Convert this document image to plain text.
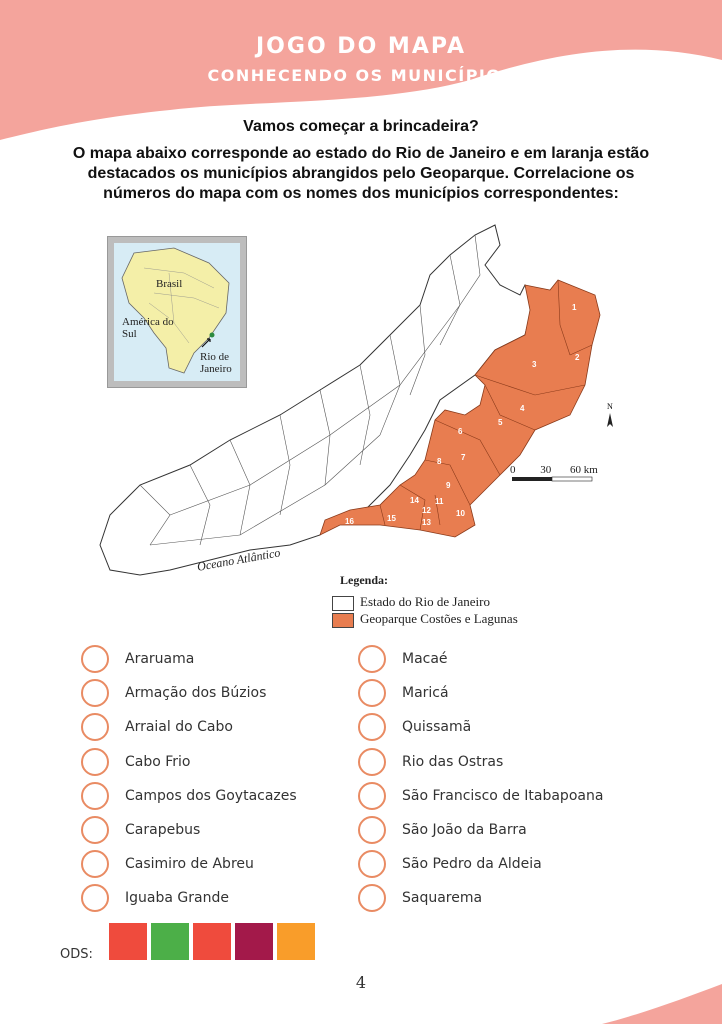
JOGO DO MAPA
CONHECENDO OS MUNICÍPIOS
Vamos começar a brincadeira?
O mapa abaixo corresponde ao estado do Rio de Janeiro e em laranja estão destacados os municípios abrangidos pelo Geoparque. Correlacione os números do mapa com os nomes dos municípios correspondentes:
1
2
3
4
5
6
7
8
9
10
11
12
13
14
15
16
N
0 30 60 km
Oceano Atlântico
Brasil
América do Sul
Rio de Janeiro
Legenda:
Estado do Rio de Janeiro
Geoparque Costões e Lagunas
Araruama
Armação dos Búzios
Arraial do Cabo
Cabo Frio
Campos dos Goytacazes
Carapebus
Casimiro de Abreu
Iguaba Grande
Macaé
Maricá
Quissamã
Rio das Ostras
São Francisco de Itabapoana
São João da Barra
São Pedro da Aldeia
Saquarema
ODS:
4
